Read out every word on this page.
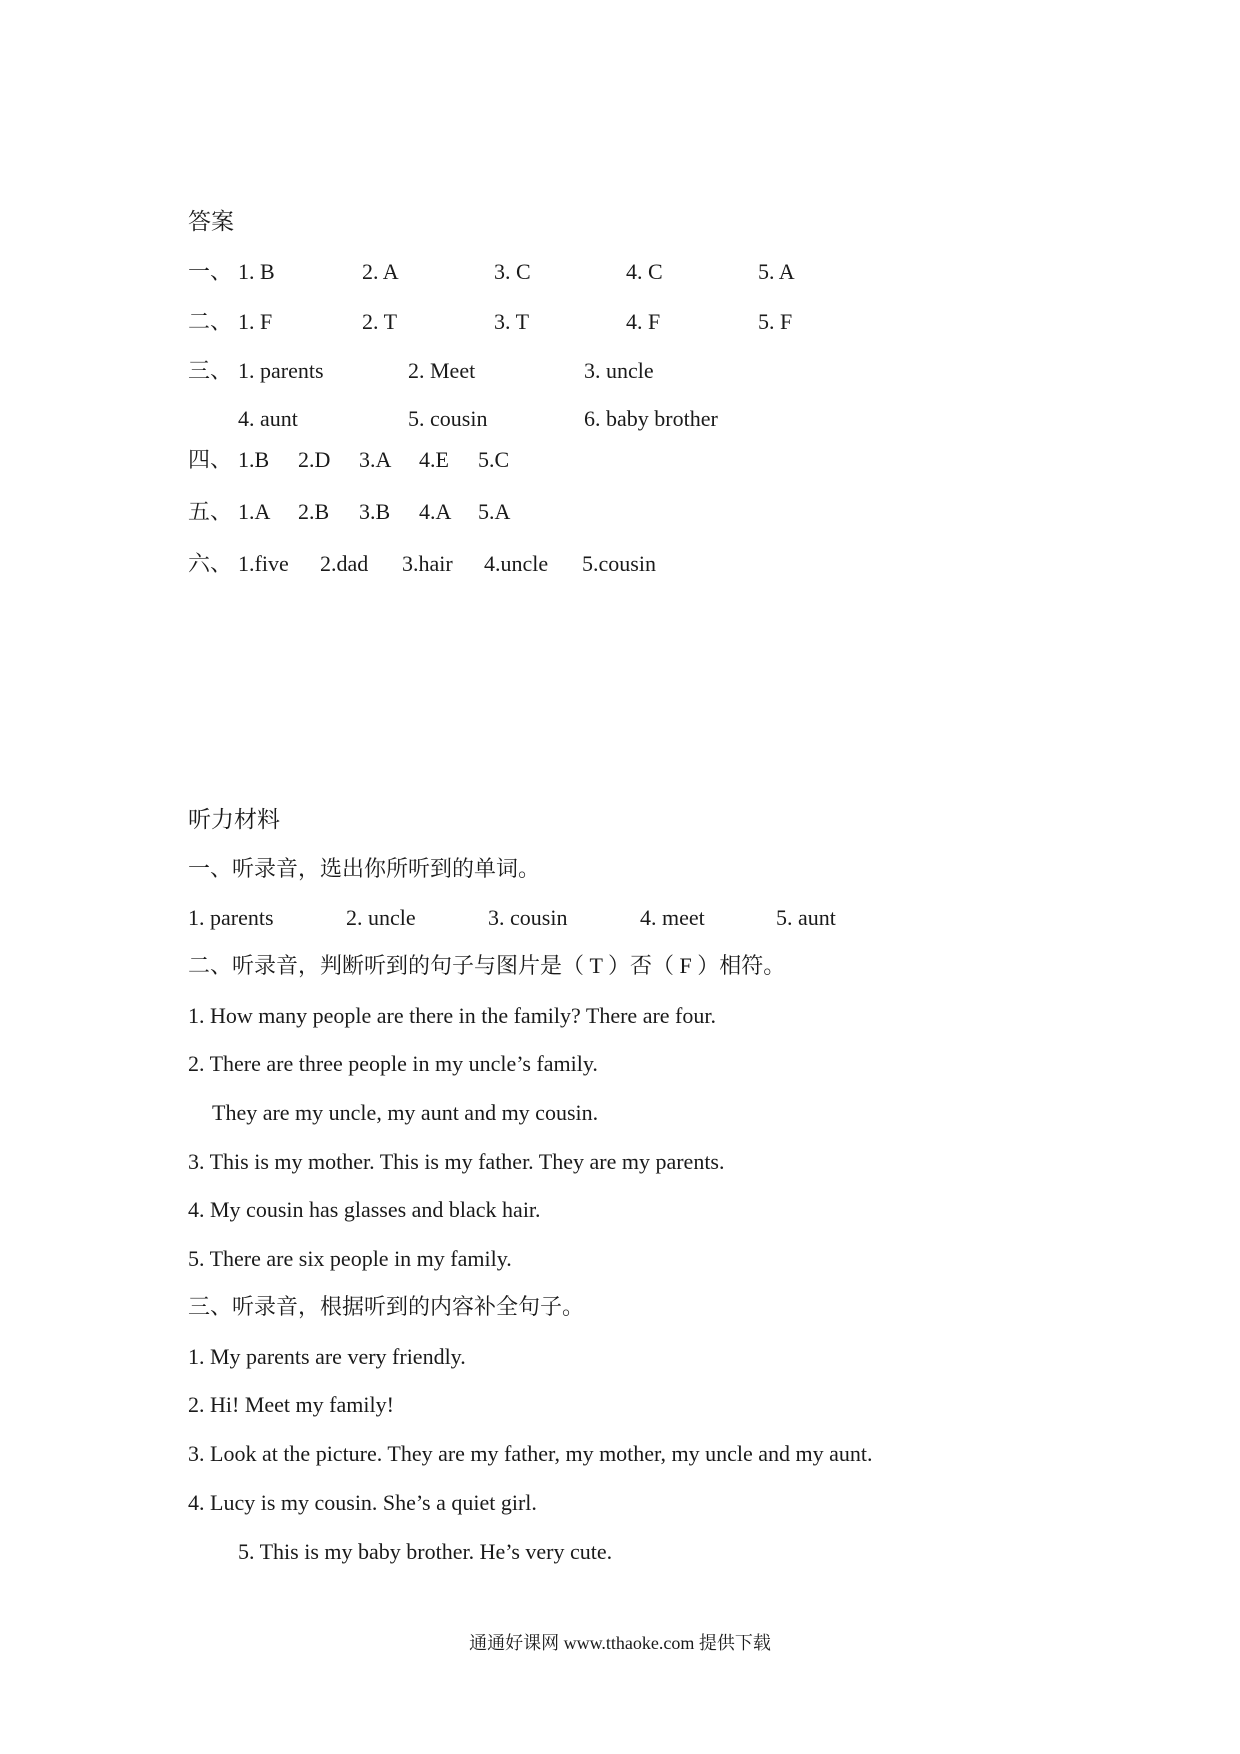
答案
一、 1. B	2. A	3. C	4. C	5. A
二、 1. F	2. T	3. T	4. F	5. F
三、 1. parents	2. Meet	3. uncle
4. aunt	5. cousin	6. baby brother
四、 1.B 2.D 3.A 4.E 5.C
五、 1.A 2.B 3.B 4.A 5.A
六、 1.five 2.dad 3.hair 4.uncle 5.cousin
听力材料
一、听录音，选出你所听到的单词。
1. parents	2. uncle	3. cousin	4. meet	5. aunt
二、听录音，判断听到的句子与图片是（ T ）否（ F ）相符。
1. How many people are there in the family? There are four.
2. There are three people in my uncle’s family.
They are my uncle, my aunt and my cousin.
3. This is my mother. This is my father. They are my parents.
4. My cousin has glasses and black hair.
5. There are six people in my family.
三、听录音，根据听到的内容补全句子。
1. My parents are very friendly.
2. Hi! Meet my family!
3. Look at the picture. They are my father, my mother, my uncle and my aunt.
4. Lucy is my cousin. She’s a quiet girl.
5. This is my baby brother. He’s very cute.
通通好课网 www.tthaoke.com 提供下载
